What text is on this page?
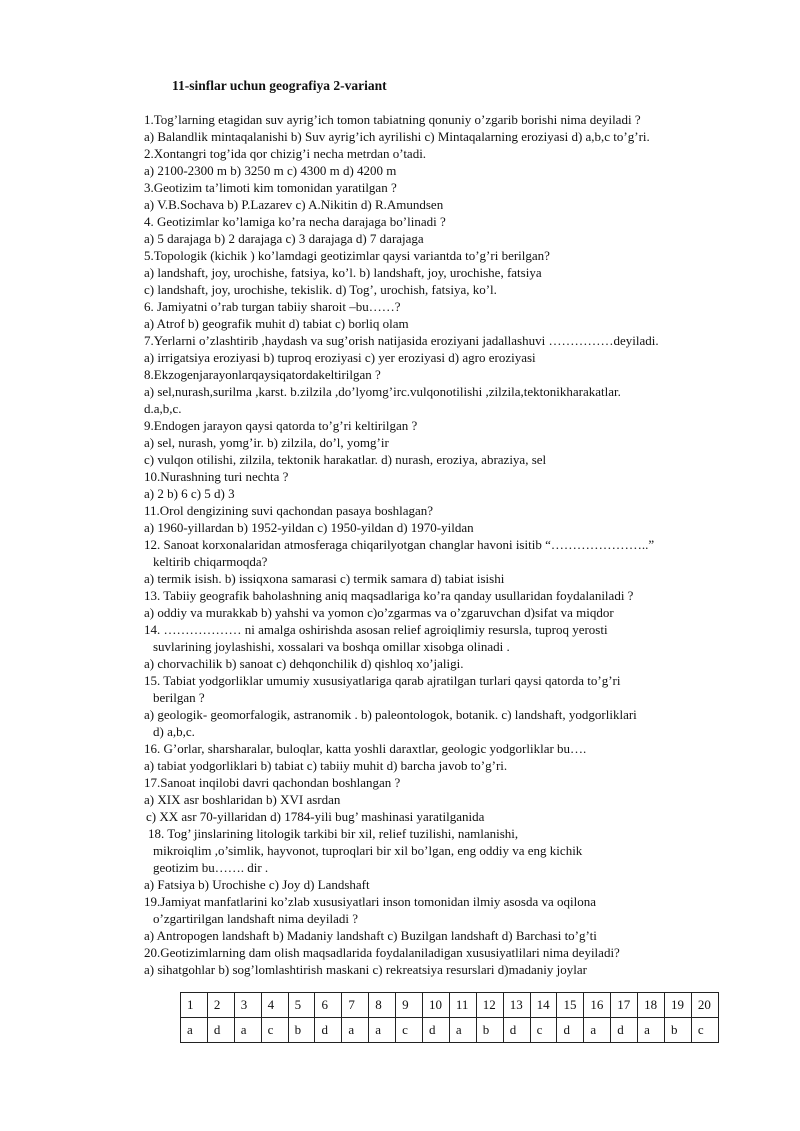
11-sinflar uchun geografiya 2-variant
1.Tog’larning etagidan suv ayrig’ich tomon tabiatning qonuniy o’zgarib borishi nima deyiladi ?
a) Balandlik mintaqalanishi b) Suv ayrig’ich ayrilishi c) Mintaqalarning eroziyasi d) a,b,c to’g’ri.
2.Xontangri tog’ida qor chizig’i necha metrdan o’tadi.
a) 2100-2300 m b) 3250 m c) 4300 m d) 4200 m
3.Geotizim ta’limoti kim tomonidan yaratilgan ?
a) V.B.Sochava b) P.Lazarev c) A.Nikitin d) R.Amundsen
4. Geotizimlar ko’lamiga ko’ra necha darajaga bo’linadi ?
a) 5 darajaga b) 2 darajaga c) 3 darajaga d) 7 darajaga
5.Topologik (kichik ) ko’lamdagi geotizimlar qaysi variantda to’g’ri berilgan?
a) landshaft, joy, urochishe, fatsiya, ko’l. b) landshaft, joy, urochishe, fatsiya
c) landshaft, joy, urochishe, tekislik. d) Tog’, urochish, fatsiya, ko’l.
6. Jamiyatni o’rab turgan tabiiy sharoit –bu……?
a) Atrof b) geografik muhit d) tabiat c) borliq olam
7.Yerlarni o’zlashtirib ,haydash va sug’orish natijasida eroziyani jadallashuvi ……………deyiladi.
a) irrigatsiya eroziyasi b) tuproq eroziyasi c) yer eroziyasi d) agro eroziyasi
8.Ekzogenjarayonlarqaysiqatordakeltirilgan ?
a) sel,nurash,surilma ,karst. b.zilzila ,do’lyomg’irc.vulqonotilishi ,zilzila,tektonikharakatlar.
d.a,b,c.
9.Endogen jarayon qaysi qatorda to’g’ri keltirilgan ?
a) sel, nurash, yomg’ir. b) zilzila, do’l, yomg’ir
c) vulqon otilishi, zilzila, tektonik harakatlar. d) nurash, eroziya, abraziya, sel
10.Nurashning turi nechta ?
a) 2 b) 6 c) 5 d) 3
11.Orol dengizining suvi qachondan pasaya boshlagan?
a) 1960-yillardan b) 1952-yildan c) 1950-yildan d) 1970-yildan
12. Sanoat korxonalaridan atmosferaga chiqarilyotgan changlar havoni isitib “…………………..”
keltirib chiqarmoqda?
a) termik isish. b) issiqxona samarasi c) termik samara d) tabiat isishi
13. Tabiiy geografik baholashning aniq maqsadlariga ko’ra qanday usullaridan foydalaniladi ?
a) oddiy va murakkab b) yahshi va yomon c)o’zgarmas va o’zgaruvchan d)sifat va miqdor
14. ……………… ni amalga oshirishda asosan relief agroiqlimiy resursla, tuproq yerosti
suvlarining joylashishi, xossalari va boshqa omillar xisobga olinadi .
a) chorvachilik b) sanoat c) dehqonchilik d) qishloq xo’jaligi.
15. Tabiat yodgorliklar umumiy xususiyatlariga qarab ajratilgan turlari qaysi qatorda to’g’ri
berilgan ?
a) geologik- geomorfalogik, astranomik . b) paleontologok, botanik. c) landshaft, yodgorliklari
d) a,b,c.
16. G’orlar, sharsharalar, buloqlar, katta yoshli daraxtlar, geologic yodgorliklar bu….
a) tabiat yodgorliklari b) tabiat c) tabiiy muhit d) barcha javob to’g’ri.
17.Sanoat inqilobi davri qachondan boshlangan ?
a) XIX asr boshlaridan b) XVI asrdan
c) XX asr 70-yillaridan d) 1784-yili bug’ mashinasi yaratilganida
18. Tog’ jinslarining litologik tarkibi bir xil, relief tuzilishi, namlanishi,
mikroiqlim ,o’simlik, hayvonot, tuproqlari bir xil bo’lgan, eng oddiy va eng kichik
geotizim bu……. dir .
a) Fatsiya b) Urochishe c) Joy d) Landshaft
19.Jamiyat manfatlarini ko’zlab xususiyatlari inson tomonidan ilmiy asosda va oqilona
o’zgartirilgan landshaft nima deyiladi ?
a) Antropogen landshaft b) Madaniy landshaft c) Buzilgan landshaft d) Barchasi to’g’ti
20.Geotizimlarning dam olish maqsadlarida foydalaniladigan xususiyatlilari nima deyiladi?
a) sihatgohlar b) sog’lomlashtirish maskani c) rekreatsiya resurslari d)madaniy joylar
1	2	3	4	5	6	7	8	9	10	11	12	13	14	15	16	17	18	19	20
a	d	a	c	b	d	a	a	c	d	a	b	d	c	d	a	d	a	b	c
